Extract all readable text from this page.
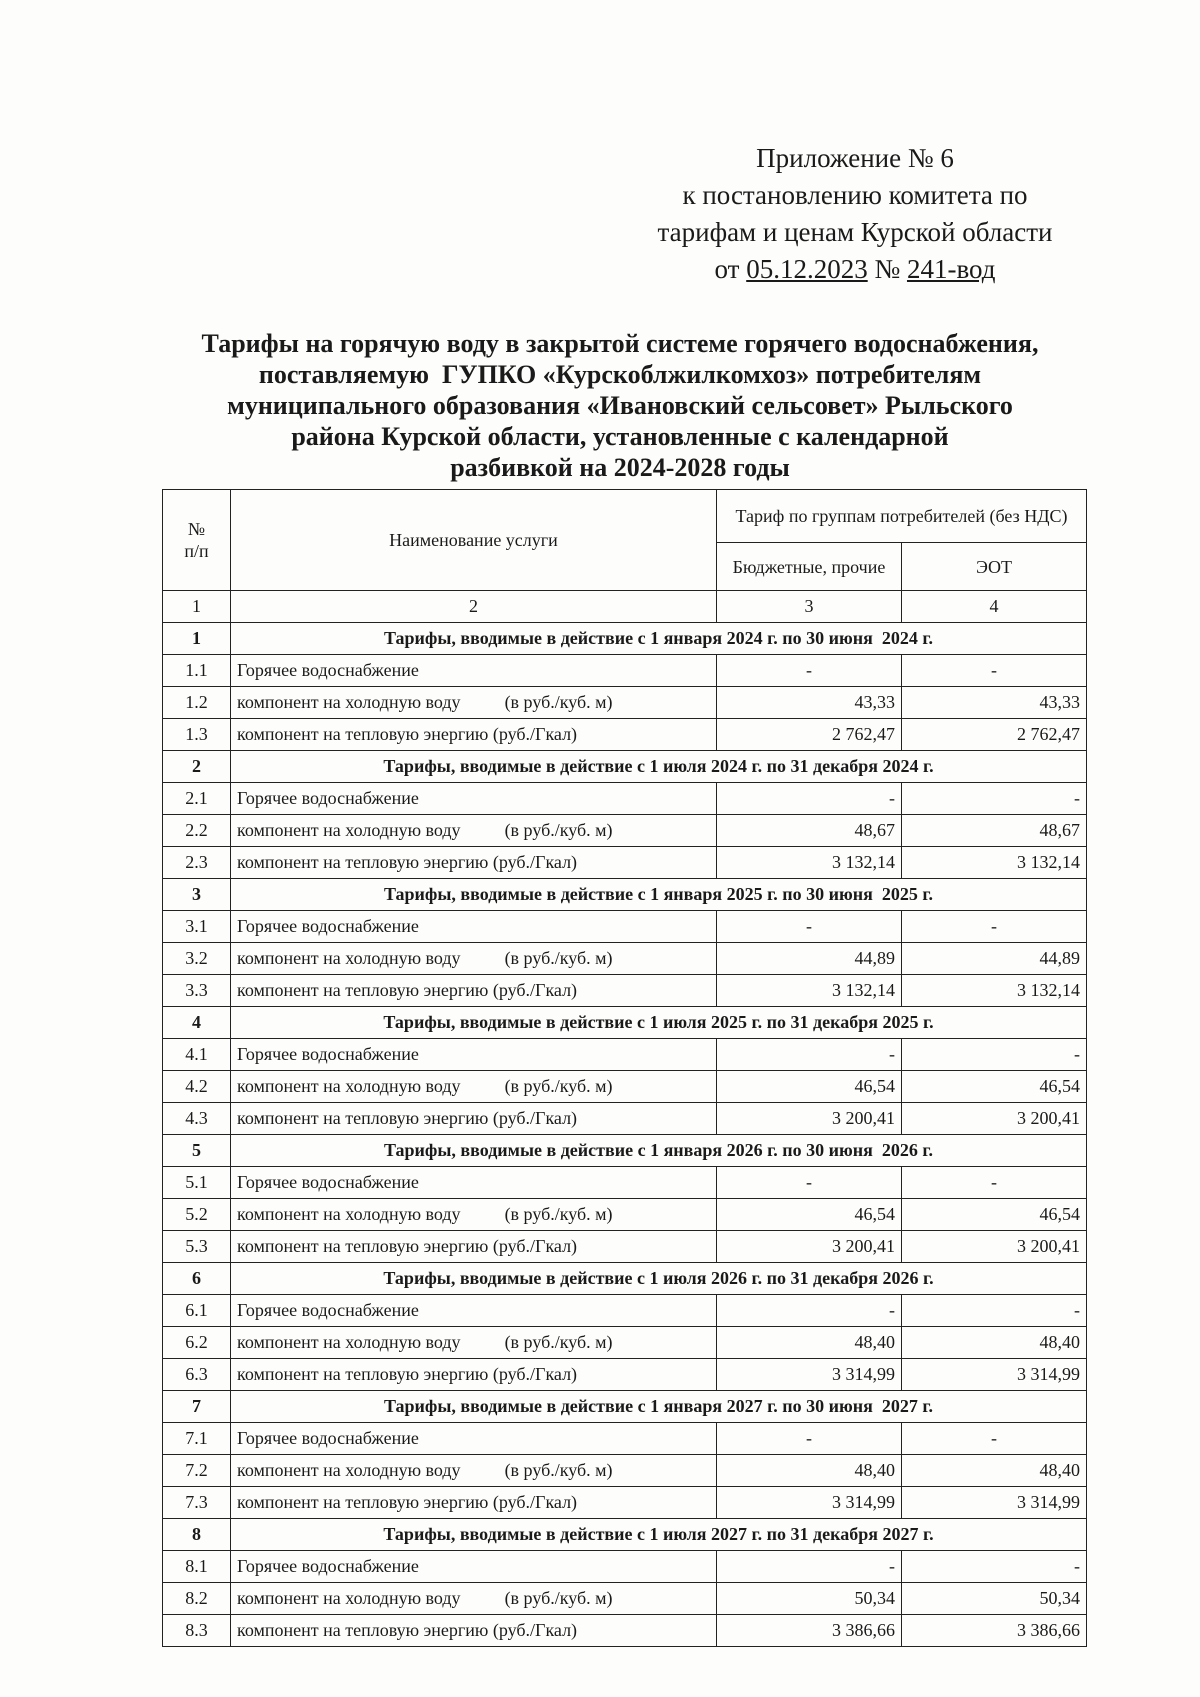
Приложение № 6
к постановлению комитета по
тарифам и ценам Курской области
от 05.12.2023 № 241-вод
Тарифы на горячую воду в закрытой системе горячего водоснабжения,
поставляемую  ГУПКО «Курскоблжилкомхоз» потребителям
муниципального образования «Ивановский сельсовет» Рыльского
района Курской области, установленные с календарной
разбивкой на 2024-2028 годы
№ п/п	Наименование услуги	Тариф по группам потребителей (без НДС)	
		Бюджетные, прочие	ЭОТ
1	2	3	4
1	Тарифы, вводимые в действие с 1 января 2024 г. по 30 июня  2024 г.		
1.1	Горячее водоснабжение	-	-
1.2	компонент на холодную воду (в руб./куб. м)	43,33	43,33
1.3	компонент на тепловую энергию (руб./Гкал)	2 762,47	2 762,47
2	Тарифы, вводимые в действие с 1 июля 2024 г. по 31 декабря 2024 г.		
2.1	Горячее водоснабжение	-	-
2.2	компонент на холодную воду (в руб./куб. м)	48,67	48,67
2.3	компонент на тепловую энергию (руб./Гкал)	3 132,14	3 132,14
3	Тарифы, вводимые в действие с 1 января 2025 г. по 30 июня  2025 г.		
3.1	Горячее водоснабжение	-	-
3.2	компонент на холодную воду (в руб./куб. м)	44,89	44,89
3.3	компонент на тепловую энергию (руб./Гкал)	3 132,14	3 132,14
4	Тарифы, вводимые в действие с 1 июля 2025 г. по 31 декабря 2025 г.		
4.1	Горячее водоснабжение	-	-
4.2	компонент на холодную воду (в руб./куб. м)	46,54	46,54
4.3	компонент на тепловую энергию (руб./Гкал)	3 200,41	3 200,41
5	Тарифы, вводимые в действие с 1 января 2026 г. по 30 июня  2026 г.		
5.1	Горячее водоснабжение	-	-
5.2	компонент на холодную воду (в руб./куб. м)	46,54	46,54
5.3	компонент на тепловую энергию (руб./Гкал)	3 200,41	3 200,41
6	Тарифы, вводимые в действие с 1 июля 2026 г. по 31 декабря 2026 г.		
6.1	Горячее водоснабжение	-	-
6.2	компонент на холодную воду (в руб./куб. м)	48,40	48,40
6.3	компонент на тепловую энергию (руб./Гкал)	3 314,99	3 314,99
7	Тарифы, вводимые в действие с 1 января 2027 г. по 30 июня  2027 г.		
7.1	Горячее водоснабжение	-	-
7.2	компонент на холодную воду (в руб./куб. м)	48,40	48,40
7.3	компонент на тепловую энергию (руб./Гкал)	3 314,99	3 314,99
8	Тарифы, вводимые в действие с 1 июля 2027 г. по 31 декабря 2027 г.		
8.1	Горячее водоснабжение	-	-
8.2	компонент на холодную воду (в руб./куб. м)	50,34	50,34
8.3	компонент на тепловую энергию (руб./Гкал)	3 386,66	3 386,66
